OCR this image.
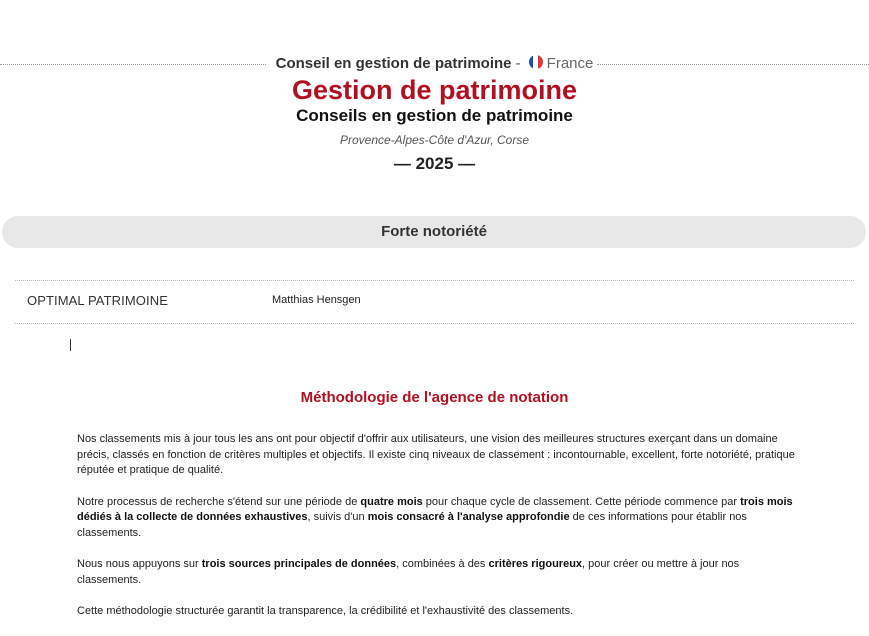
Conseil en gestion de patrimoine - France
Gestion de patrimoine
Conseils en gestion de patrimoine
Provence-Alpes-Côte d'Azur, Corse
— 2025 —
Forte notoriété
OPTIMAL PATRIMOINE	Matthias Hensgen
Méthodologie de l'agence de notation

Nos classements mis à jour tous les ans ont pour objectif d'offrir aux utilisateurs, une vision des meilleures structures exerçant dans un domaine précis, classés en fonction de critères multiples et objectifs. Il existe cinq niveaux de classement : incontournable, excellent, forte notoriété, pratique réputée et pratique de qualité.

Notre processus de recherche s'étend sur une période de quatre mois pour chaque cycle de classement. Cette période commence par trois mois dédiés à la collecte de données exhaustives, suivis d'un mois consacré à l'analyse approfondie de ces informations pour établir nos classements.

Nous nous appuyons sur trois sources principales de données, combinées à des critères rigoureux, pour créer ou mettre à jour nos classements.

Cette méthodologie structurée garantit la transparence, la crédibilité et l'exhaustivité des classements.
